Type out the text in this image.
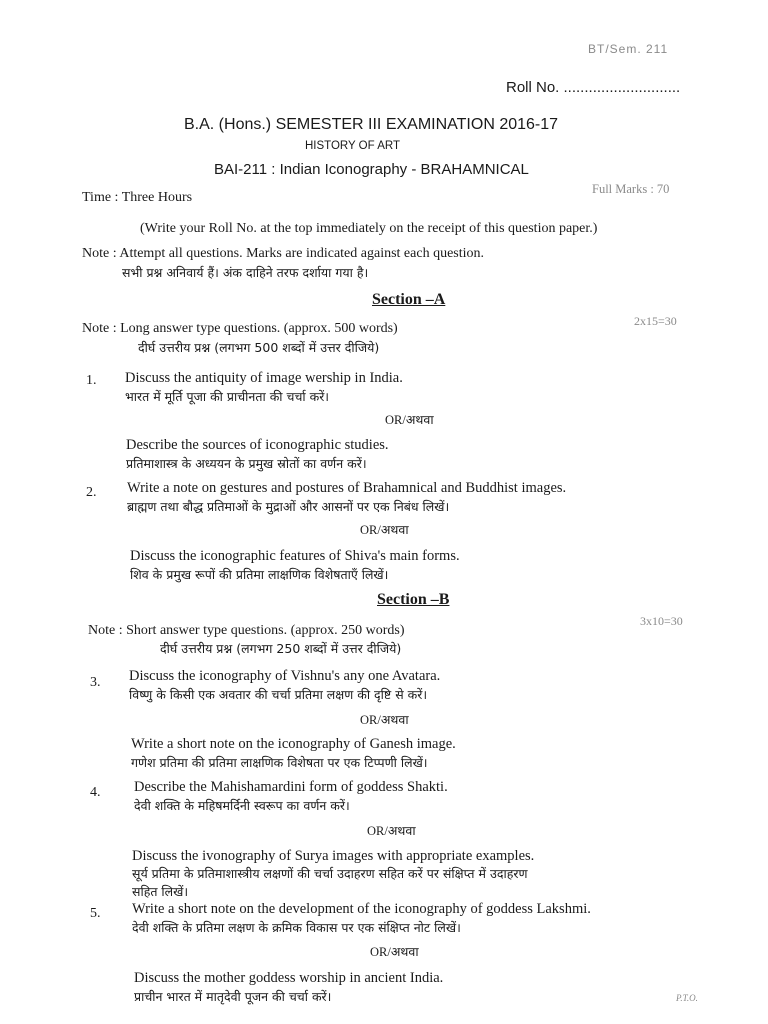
BT/Sem. 211
Roll No. ............................
B.A. (Hons.) SEMESTER III EXAMINATION 2016-17
HISTORY OF ART
BAI-211 : Indian Iconography - BRAHAMNICAL
Time : Three Hours
Full Marks : 70
(Write your Roll No. at the top immediately on the receipt of this question paper.)
Note : Attempt all questions. Marks are indicated against each question.
सभी प्रश्न अनिवार्य हैं। अंक दाहिने तरफ दर्शाया गया है।
Section –A
2x15=30
Note : Long answer type questions. (approx. 500 words)
दीर्घ उत्तरीय प्रश्न (लगभग 500 शब्दों में उत्तर दीजिये)
1. Discuss the antiquity of image wership in India.
भारत में मूर्ति पूजा की प्राचीनता की चर्चा करें।
OR/अथवा
Describe the sources of iconographic studies.
प्रतिमाशास्त्र के अध्ययन के प्रमुख स्रोतों का वर्णन करें।
2. Write a note on gestures and postures of Brahamnical and Buddhist images.
ब्राह्मण तथा बौद्ध प्रतिमाओं के मुद्राओं और आसनों पर एक निबंध लिखें।
OR/अथवा
Discuss the iconographic features of Shiva's main forms.
शिव के प्रमुख रूपों की प्रतिमा लाक्षणिक विशेषताएँ लिखें।
Section –B
3x10=30
Note : Short answer type questions. (approx. 250 words)
दीर्घ उत्तरीय प्रश्न (लगभग 250 शब्दों में उत्तर दीजिये)
3. Discuss the iconography of Vishnu's any one Avatara.
विष्णु के किसी एक अवतार की चर्चा प्रतिमा लक्षण की दृष्टि से करें।
OR/अथवा
Write a short note on the iconography of Ganesh image.
गणेश प्रतिमा की प्रतिमा लाक्षणिक विशेषता पर एक टिप्पणी लिखें।
4. Describe the Mahishamardini form of goddess Shakti.
देवी शक्ति के महिषमर्दिनी स्वरूप का वर्णन करें।
OR/अथवा
Discuss the ivonography of Surya images with appropriate examples.
सूर्य प्रतिमा के प्रतिमाशास्त्रीय लक्षणों की चर्चा उदाहरण सहित करें पर संक्षिप्त में उदाहरण
सहित लिखें।
5. Write a short note on the development of the iconography of goddess Lakshmi.
देवी शक्ति के प्रतिमा लक्षण के क्रमिक विकास पर एक संक्षिप्त नोट लिखें।
OR/अथवा
Discuss the mother goddess worship in ancient India.
प्राचीन भारत में मातृदेवी पूजन की चर्चा करें।	P.T.O.
